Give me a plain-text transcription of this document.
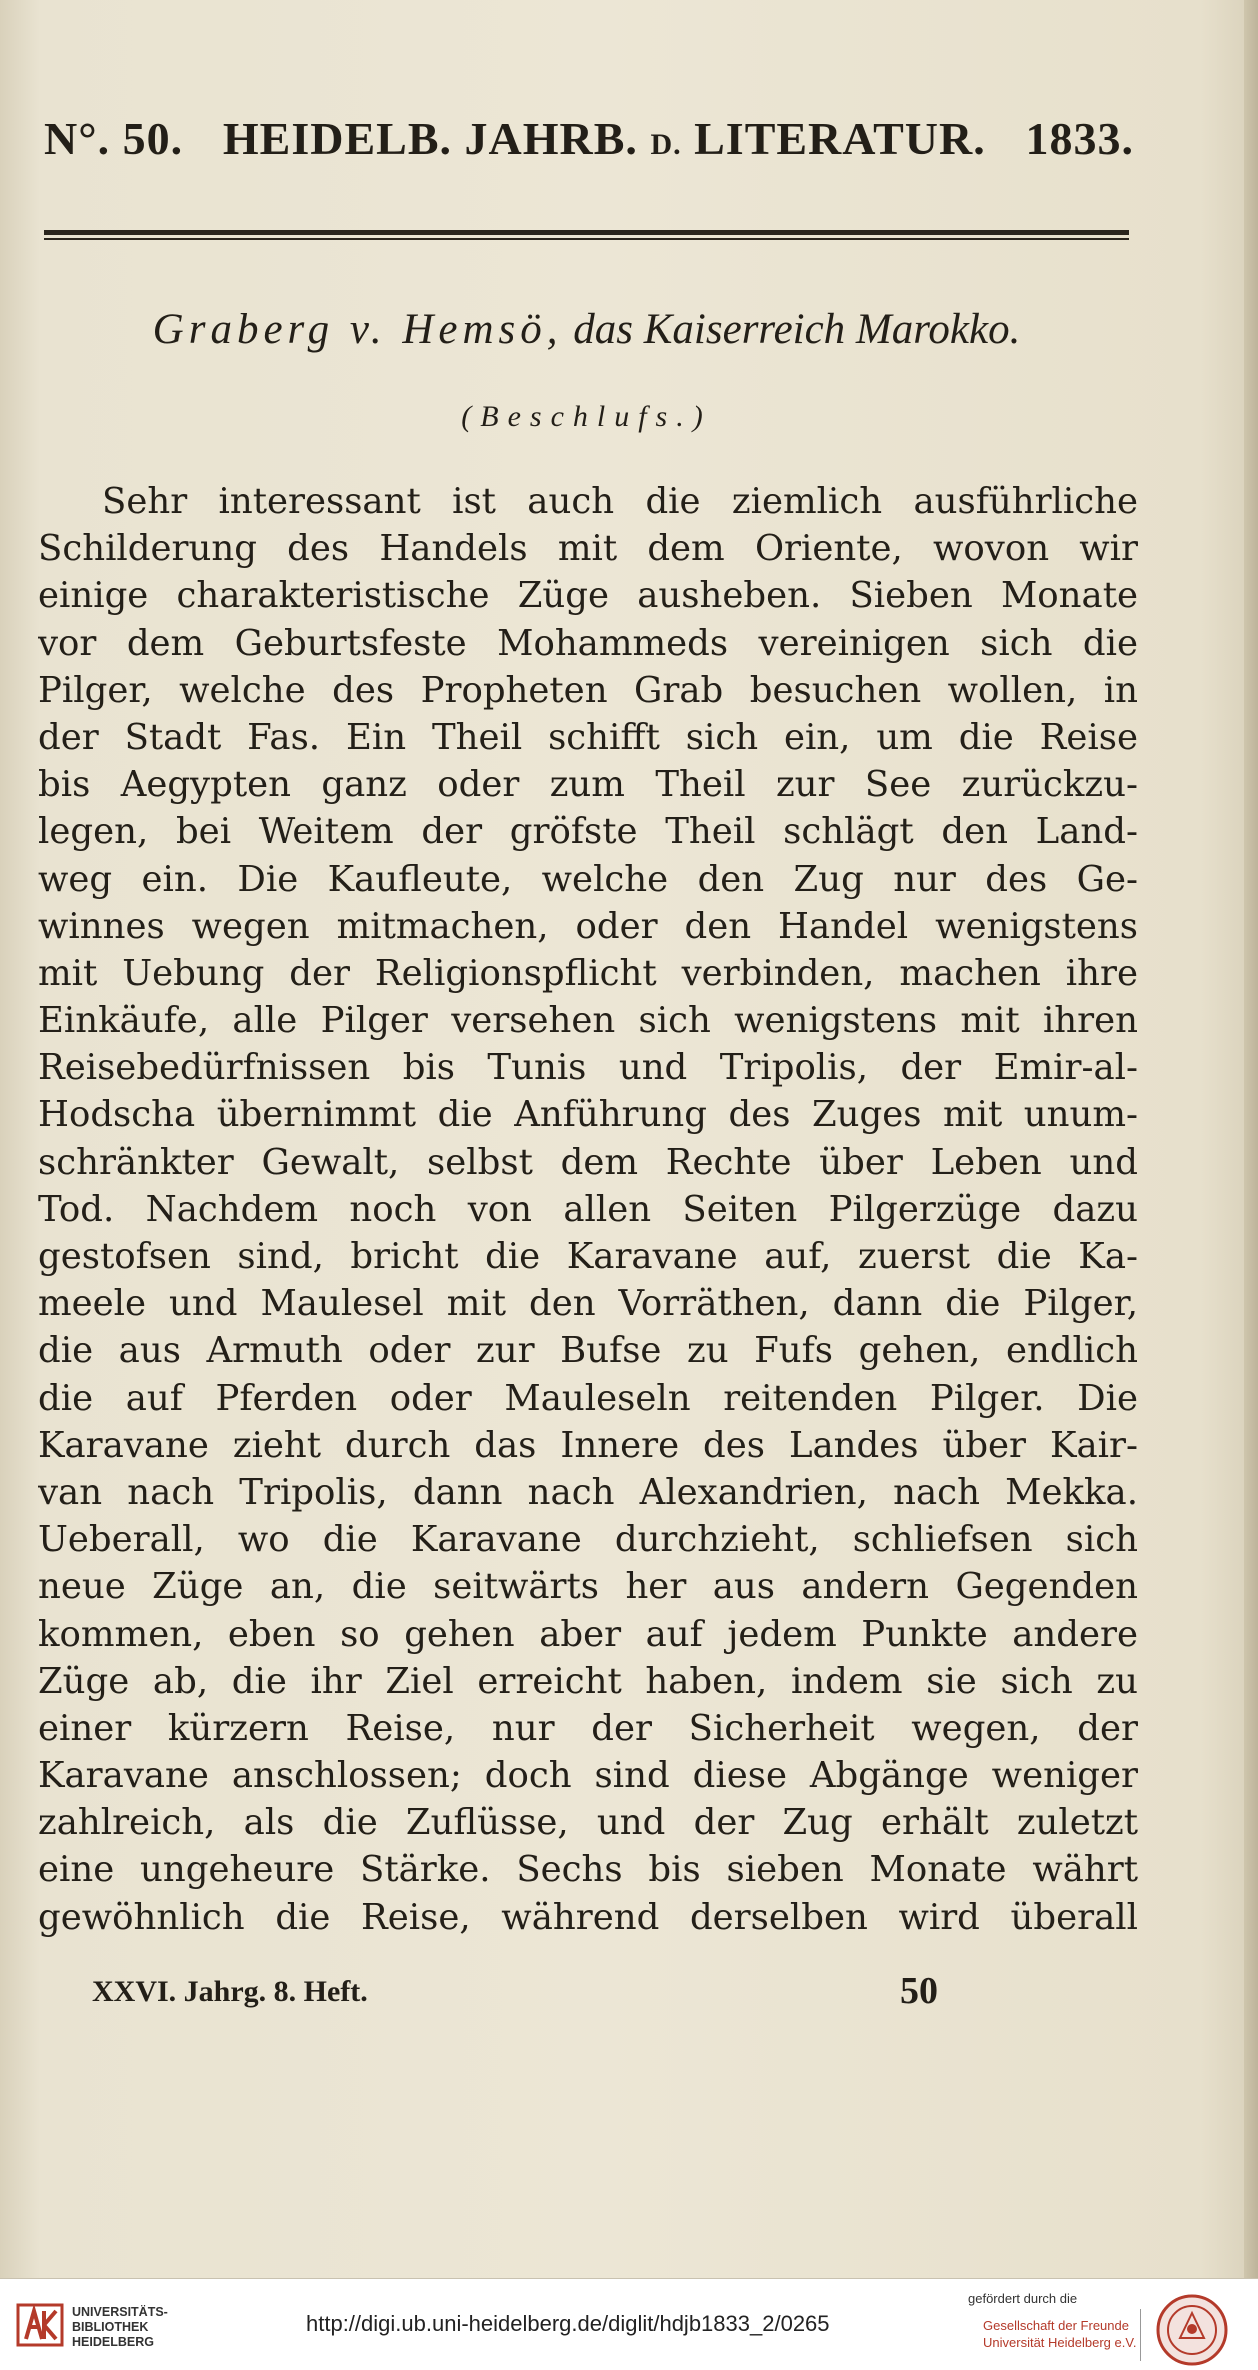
N°. 50. HEIDELB. JAHRB. D. LITERATUR. 1833.
Graberg v. Hemsö, das Kaiserreich Marokko.
(Beschlufs.)
Sehr interessant ist auch die ziemlich ausführliche
Schilderung des Handels mit dem Oriente, wovon wir
einige charakteristische Züge ausheben. Sieben Monate
vor dem Geburtsfeste Mohammeds vereinigen sich die
Pilger, welche des Propheten Grab besuchen wollen, in
der Stadt Fas. Ein Theil schifft sich ein, um die Reise
bis Aegypten ganz oder zum Theil zur See zurückzu-
legen, bei Weitem der gröfste Theil schlägt den Land-
weg ein. Die Kaufleute, welche den Zug nur des Ge-
winnes wegen mitmachen, oder den Handel wenigstens
mit Uebung der Religionspflicht verbinden, machen ihre
Einkäufe, alle Pilger versehen sich wenigstens mit ihren
Reisebedürfnissen bis Tunis und Tripolis, der Emir-al-
Hodscha übernimmt die Anführung des Zuges mit unum-
schränkter Gewalt, selbst dem Rechte über Leben und
Tod. Nachdem noch von allen Seiten Pilgerzüge dazu
gestofsen sind, bricht die Karavane auf, zuerst die Ka-
meele und Maulesel mit den Vorräthen, dann die Pilger,
die aus Armuth oder zur Bufse zu Fufs gehen, endlich
die auf Pferden oder Mauleseln reitenden Pilger. Die
Karavane zieht durch das Innere des Landes über Kair-
van nach Tripolis, dann nach Alexandrien, nach Mekka.
Ueberall, wo die Karavane durchzieht, schliefsen sich
neue Züge an, die seitwärts her aus andern Gegenden
kommen, eben so gehen aber auf jedem Punkte andere
Züge ab, die ihr Ziel erreicht haben, indem sie sich zu
einer kürzern Reise, nur der Sicherheit wegen, der
Karavane anschlossen; doch sind diese Abgänge weniger
zahlreich, als die Zuflüsse, und der Zug erhält zuletzt
eine ungeheure Stärke. Sechs bis sieben Monate währt
gewöhnlich die Reise, während derselben wird überall
XXVI. Jahrg. 8. Heft.	50
UNIVERSITÄTS-
BIBLIOTHEK
HEIDELBERG
http://digi.ub.uni-heidelberg.de/diglit/hdjb1833_2/0265
gefördert durch die
Gesellschaft der Freunde
Universität Heidelberg e.V.
